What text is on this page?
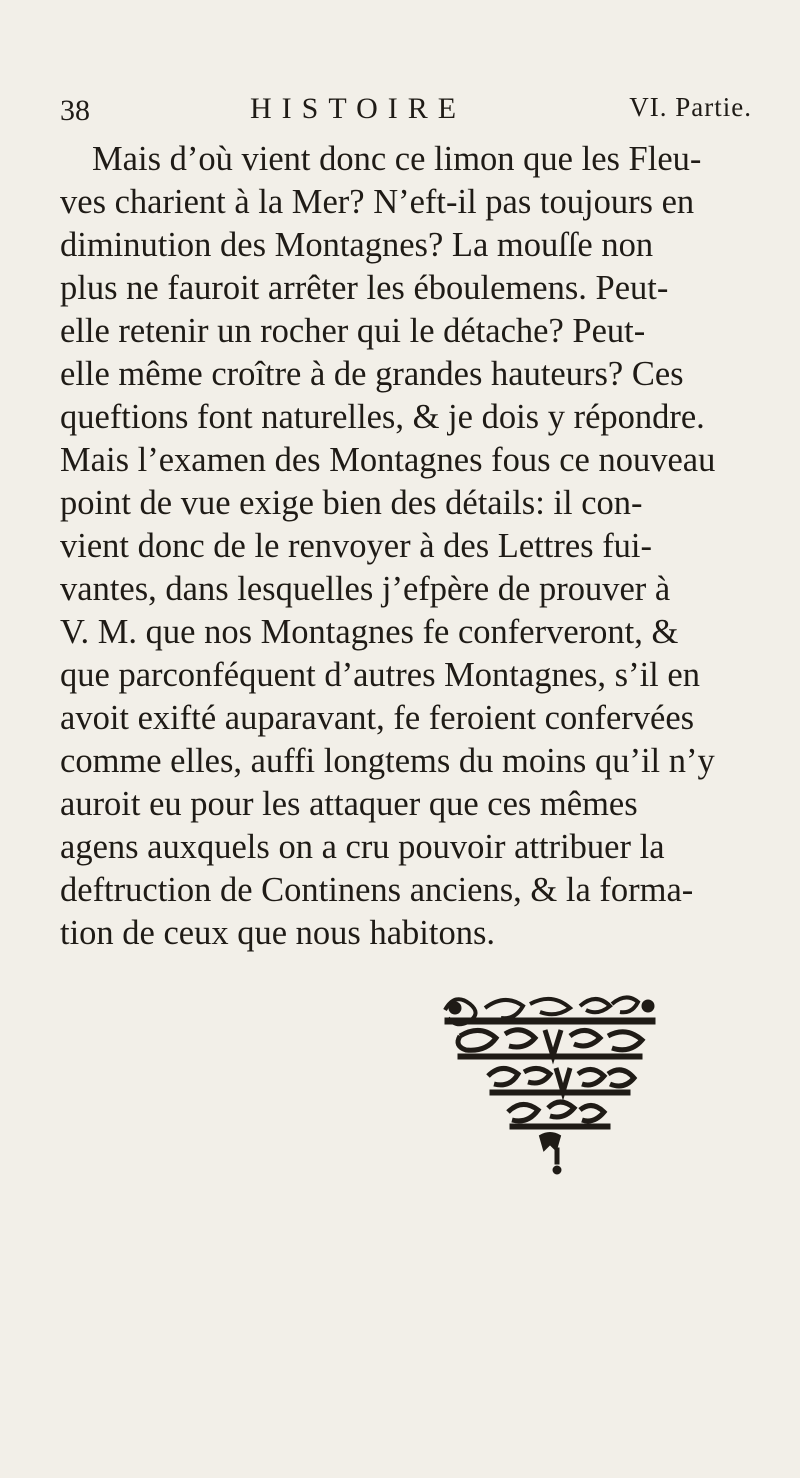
38	HISTOIRE	VI. Partie.
Mais d’où vient donc ce limon que les Fleu-
ves charient à la Mer? N’eft-il pas toujours en
diminution des Montagnes? La mouſſe non
plus ne fauroit arrêter les éboulemens. Peut-
elle retenir un rocher qui le détache? Peut-
elle même croître à de grandes hauteurs? Ces
queftions font naturelles, & je dois y répondre.
Mais l’examen des Montagnes fous ce nouveau
point de vue exige bien des détails: il con-
vient donc de le renvoyer à des Lettres fui-
vantes, dans lesquelles j’efpère de prouver à
V. M. que nos Montagnes fe conferveront, &
que parconféquent d’autres Montagnes, s’il en
avoit exifté auparavant, fe feroient confervées
comme elles, auffi longtems du moins qu’il n’y
auroit eu pour les attaquer que ces mêmes
agens auxquels on a cru pouvoir attribuer la
deftruction de Continens anciens, & la forma-
tion de ceux que nous habitons.
